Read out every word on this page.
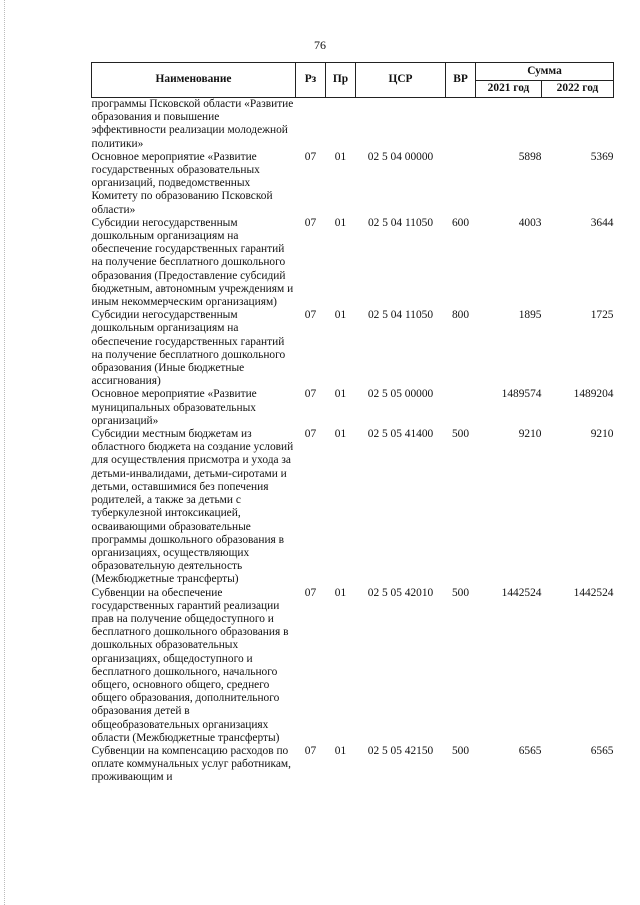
76
Наименование	Рз	Пр	ЦСР	ВР	Сумма	
					2021 год	2022 год
программы Псковской области «Развитие образования и повышение эффективности реализации молодежной политики»						
Основное мероприятие «Развитие государственных образовательных организаций, подведомственных Комитету по образованию Псковской области»	07	01	02 5 04 00000		5898	5369
Субсидии негосударственным дошкольным организациям на обеспечение государственных гарантий на получение бесплатного дошкольного образования (Предоставление субсидий бюджетным, автономным учреждениям и иным некоммерческим организациям)	07	01	02 5 04 11050	600	4003	3644
Субсидии негосударственным дошкольным организациям на обеспечение государственных гарантий на получение бесплатного дошкольного образования (Иные бюджетные ассигнования)	07	01	02 5 04 11050	800	1895	1725
Основное мероприятие «Развитие муниципальных образовательных организаций»	07	01	02 5 05 00000		1489574	1489204
Субсидии местным бюджетам из областного бюджета на создание условий для осуществления присмотра и ухода за детьми-инвалидами, детьми-сиротами и детьми, оставшимися без попечения родителей, а также за детьми с туберкулезной интоксикацией, осваивающими образовательные программы дошкольного образования в организациях, осуществляющих образовательную деятельность (Межбюджетные трансферты)	07	01	02 5 05 41400	500	9210	9210
Субвенции на обеспечение государственных гарантий реализации прав на получение общедоступного и бесплатного дошкольного образования в дошкольных образовательных организациях, общедоступного и бесплатного дошкольного, начального общего, основного общего, среднего общего образования, дополнительного образования детей в общеобразовательных организациях области (Межбюджетные трансферты)	07	01	02 5 05 42010	500	1442524	1442524
Субвенции на компенсацию расходов по оплате коммунальных услуг работникам, проживающим и	07	01	02 5 05 42150	500	6565	6565
